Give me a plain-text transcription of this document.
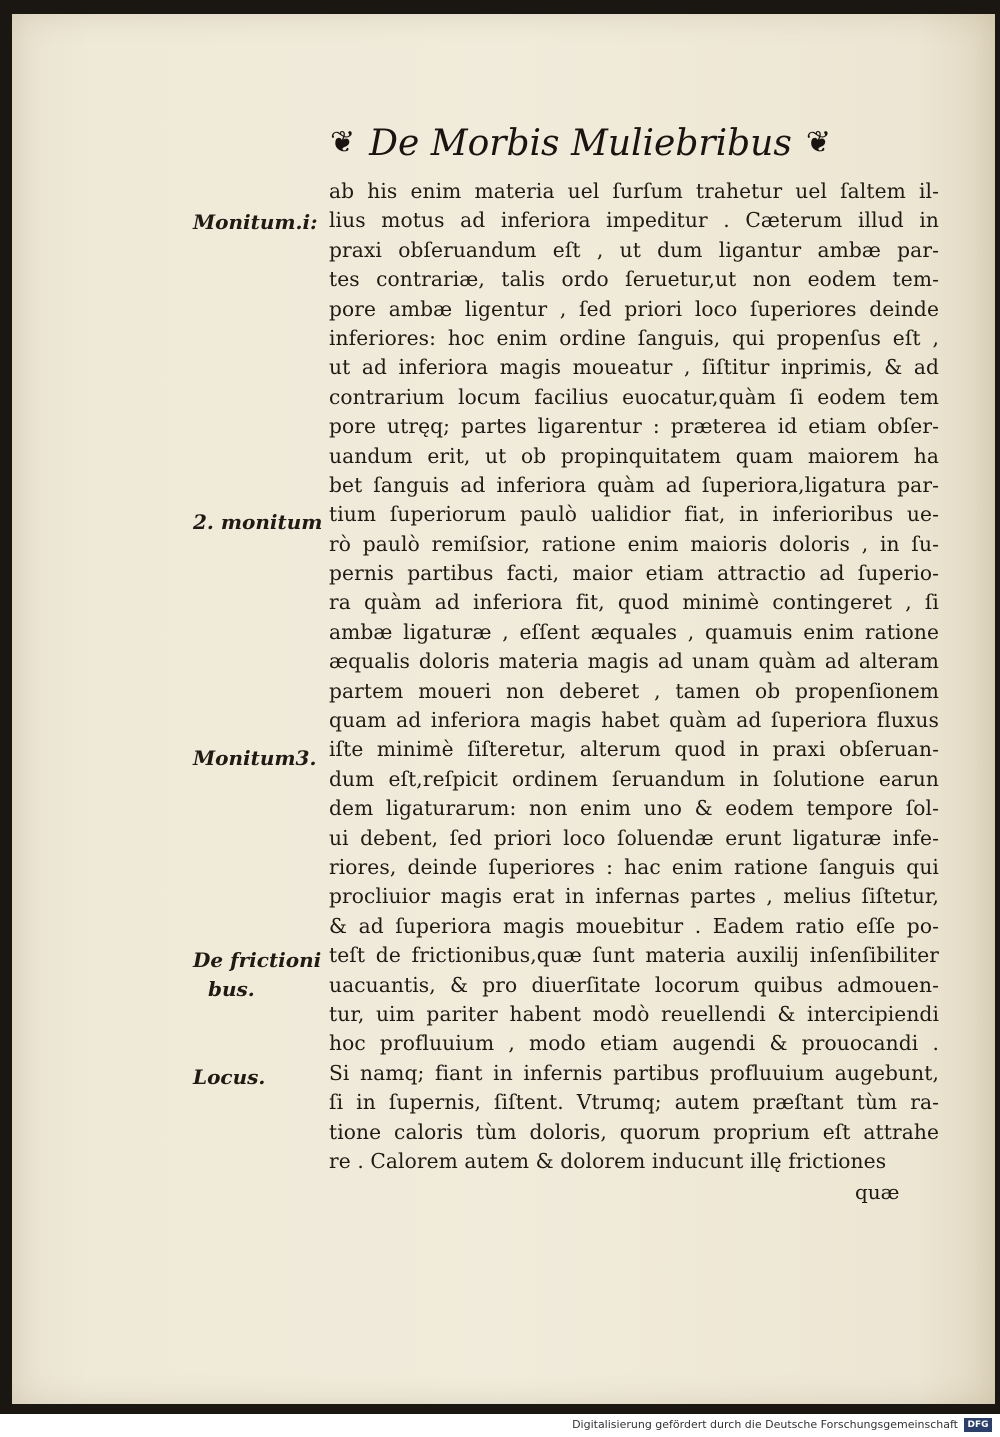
❦ De Morbis Muliebribus ❦
ab his enim materia uel ſurſum trahetur uel ſaltem il-
lius motus ad inferiora impeditur . Cæterum illud in
praxi obſeruandum eſt , ut dum ligantur ambæ par-
tes contrariæ, talis ordo ſeruetur,ut non eodem tem-
pore ambæ ligentur , ſed priori loco ſuperiores deinde
inferiores: hoc enim ordine ſanguis, qui propenſus eſt ,
ut ad inferiora magis moueatur , ſiſtitur inprimis, & ad
contrarium locum facilius euocatur,quàm ſi eodem tem
pore utręq; partes ligarentur : præterea id etiam obſer-
uandum erit, ut ob propinquitatem quam maiorem ha
bet ſanguis ad inferiora quàm ad ſuperiora,ligatura par-
tium ſuperiorum paulò ualidior fiat, in inferioribus ue-
rò paulò remiſsior, ratione enim maioris doloris , in ſu-
pernis partibus facti, maior etiam attractio ad ſuperio-
ra quàm ad inferiora fit, quod minimè contingeret , ſi
ambæ ligaturæ , eſſent æquales , quamuis enim ratione
æqualis doloris materia magis ad unam quàm ad alteram
partem moueri non deberet , tamen ob propenſionem
quam ad inferiora magis habet quàm ad ſuperiora fluxus
iſte minimè ſiſteretur, alterum quod in praxi obſeruan-
dum eſt,reſpicit ordinem ſeruandum in ſolutione earun
dem ligaturarum: non enim uno & eodem tempore ſol-
ui debent, ſed priori loco ſoluendæ erunt ligaturæ infe-
riores, deinde ſuperiores : hac enim ratione ſanguis qui
procliuior magis erat in infernas partes , melius ſiſtetur,
& ad ſuperiora magis mouebitur . Eadem ratio eſſe po-
teſt de frictionibus,quæ ſunt materia auxilij inſenſibiliter
uacuantis, & pro diuerſitate locorum quibus admouen-
tur, uim pariter habent modò reuellendi & intercipiendi
hoc profluuium , modo etiam augendi & prouocandi .
Si namq; fiant in infernis partibus profluuium augebunt,
ſi in ſupernis, ſiſtent. Vtrumq; autem præſtant tùm ra-
tione caloris tùm doloris, quorum proprium eſt attrahe
re . Calorem autem & dolorem inducunt illę frictiones
Monitum.i:
2. monitum
Monitum3.
De frictioni
bus.
Locus.
quæ
Digitalisierung gefördert durch die Deutsche Forschungsgemeinschaft	DFG
